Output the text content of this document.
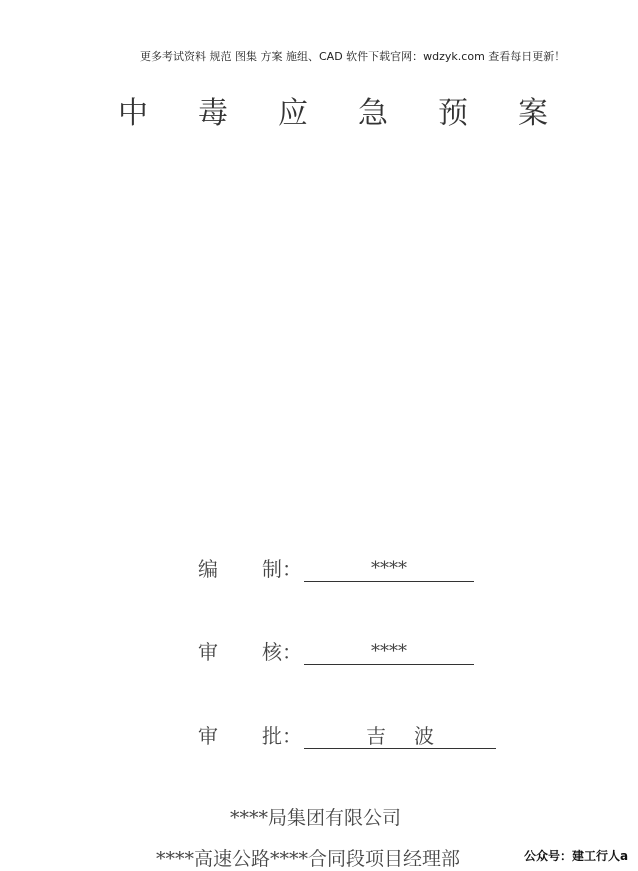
更多考试资料 规范 图集 方案 施组、CAD 软件下载官网：wdzyk.com 查看每日更新！
中 毒 应 急 预 案
编	制 ：	****
审	核 ：	****
审	批 ：	吉波
****局集团有限公司
****高速公路****合同段项目经理部	公众号：建工行人a
